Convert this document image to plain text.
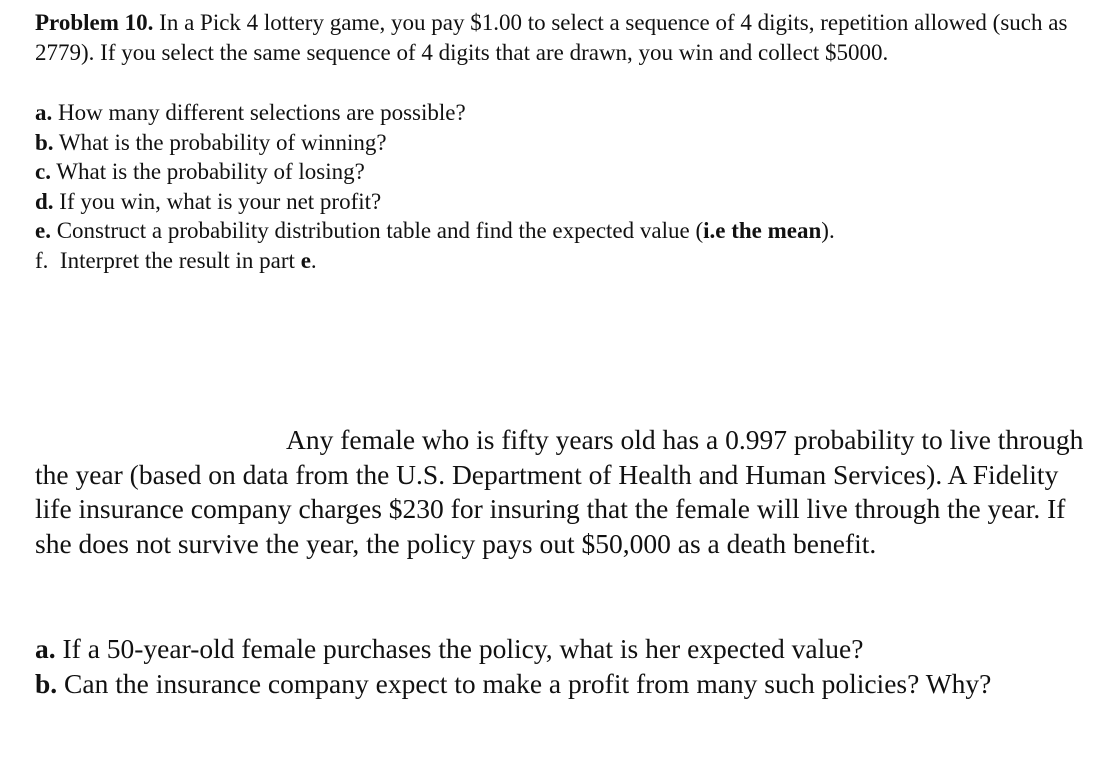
Problem 10. In a Pick 4 lottery game, you pay $1.00 to select a sequence of 4 digits, repetition allowed (such as 2779). If you select the same sequence of 4 digits that are drawn, you win and collect $5000.

a. How many different selections are possible?
b. What is the probability of winning?
c. What is the probability of losing?
d. If you win, what is your net profit?
e. Construct a probability distribution table and find the expected value (i.e the mean).
f.  Interpret the result in part e.

Any female who is fifty years old has a 0.997 probability to live through the year (based on data from the U.S. Department of Health and Human Services). A Fidelity life insurance company charges $230 for insuring that the female will live through the year. If she does not survive the year, the policy pays out $50,000 as a death benefit.

a. If a 50-year-old female purchases the policy, what is her expected value?
b. Can the insurance company expect to make a profit from many such policies? Why?
